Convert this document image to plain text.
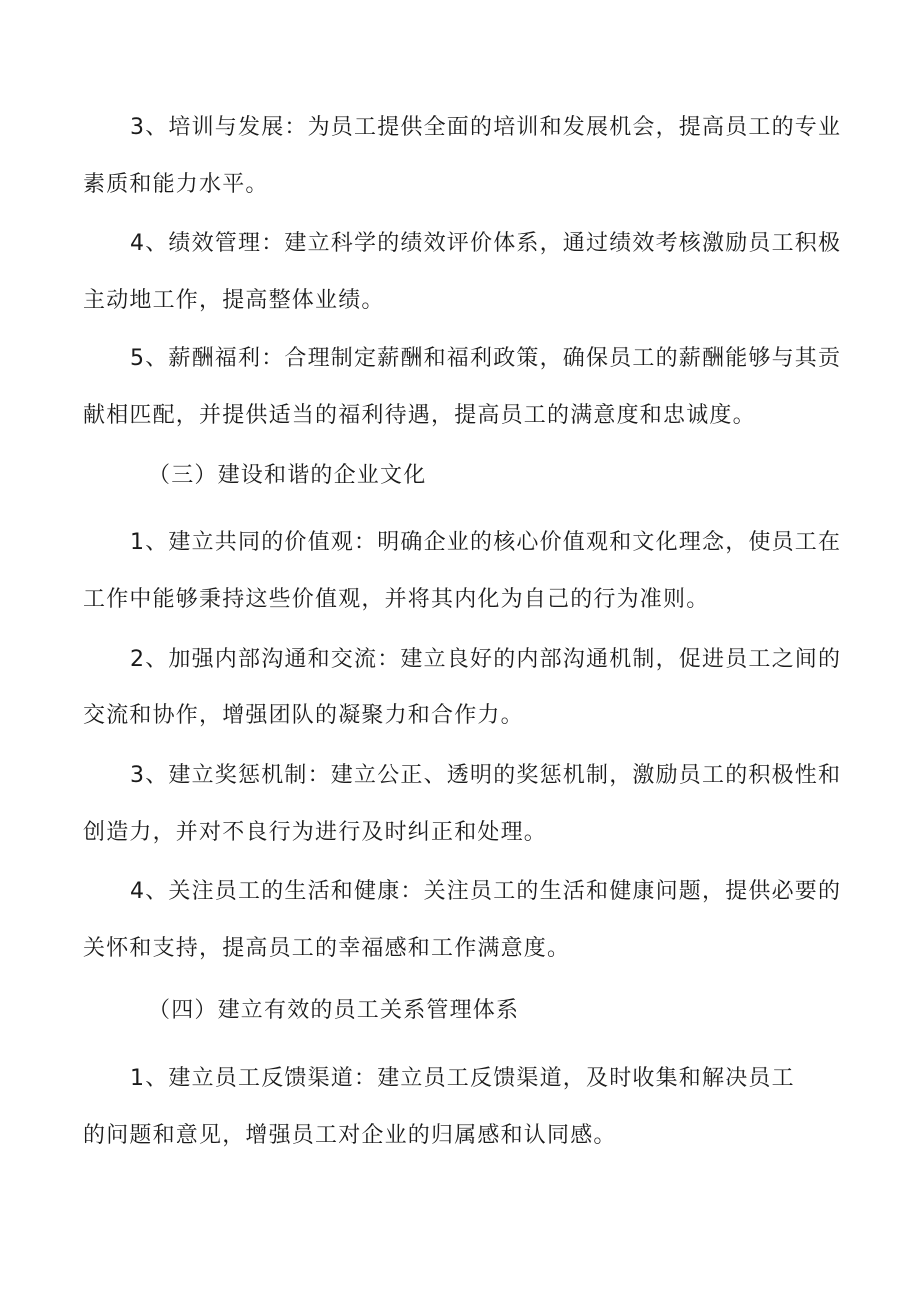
3、培训与发展：为员工提供全面的培训和发展机会，提高员工的专业

素质和能力水平。

4、绩效管理：建立科学的绩效评价体系，通过绩效考核激励员工积极

主动地工作，提高整体业绩。

5、薪酬福利：合理制定薪酬和福利政策，确保员工的薪酬能够与其贡

献相匹配，并提供适当的福利待遇，提高员工的满意度和忠诚度。

（三）建设和谐的企业文化

1、建立共同的价值观：明确企业的核心价值观和文化理念，使员工在

工作中能够秉持这些价值观，并将其内化为自己的行为准则。

2、加强内部沟通和交流：建立良好的内部沟通机制，促进员工之间的

交流和协作，增强团队的凝聚力和合作力。

3、建立奖惩机制：建立公正、透明的奖惩机制，激励员工的积极性和

创造力，并对不良行为进行及时纠正和处理。

4、关注员工的生活和健康：关注员工的生活和健康问题，提供必要的

关怀和支持，提高员工的幸福感和工作满意度。

（四）建立有效的员工关系管理体系

1、建立员工反馈渠道：建立员工反馈渠道，及时收集和解决员工

的问题和意见，增强员工对企业的归属感和认同感。
